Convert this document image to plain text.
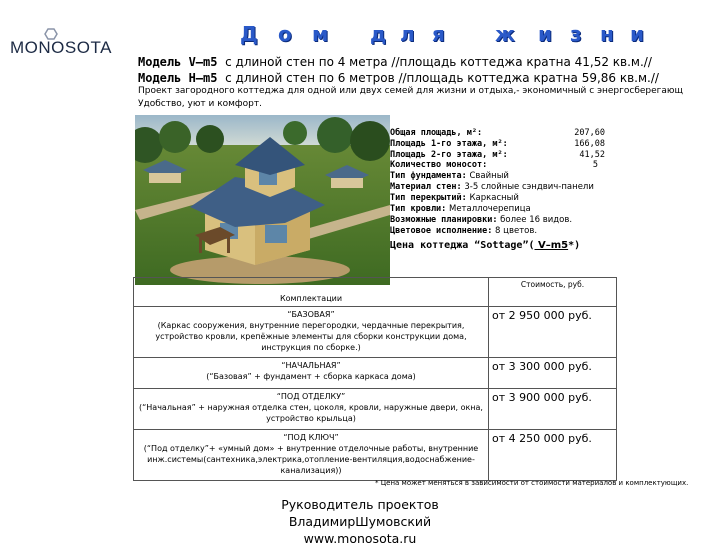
MONOSOTA
Д о м д л я ж и з н и
Модель V–m5 с длиной стен по 4 метра //площадь коттеджа кратна 41,52 кв.м.//
Модель H–m5 с длиной стен по 6 метров //площадь коттеджа кратна 59,86 кв.м.//
Проект загородного коттеджа для одной или двух семей для жизни и отдыха,- экономичный с энергосберегающ
Удобство, уют и комфорт.
Общая площадь, м²:	207,60
Площадь 1-го этажа, м²:	166,08
Площадь 2-го этажа, м²:	41,52
Количество моносот:	5
Тип фундамента: Свайный
Материал стен: 3-5 слойные сэндвич-панели
Тип перекрытий: Каркасный
Тип кровли: Металлочерепица
Возможные планировки: более 16 видов.
Цветовое исполнение: 8 цветов.
Цена коттеджа “Sottage”( V–m5*)
Комплектации	Стоимость, руб.

“БАЗОВАЯ”
(Каркас сооружения, внутренние перегородки, чердачные перекрытия, устройство кровли, крепёжные элементы для сборки конструкции дома, инструкция по сборке.)	от 2 950 000 руб.

“НАЧАЛЬНАЯ”
(“Базовая” + фундамент + сборка каркаса дома)	от 3 300 000 руб.

“ПОД ОТДЕЛКУ”
(“Начальная” + наружная отделка стен, цоколя, кровли, наружные двери, окна, устройство крыльца)	от 3 900 000 руб.

“ПОД КЛЮЧ”
(“Под отделку”+ «умный дом» + внутренние отделочные работы, внутренние инж.системы(сантехника,электрика,отопление-вентиляция,водоснабжение-канализация))	от 4 250 000 руб.
* Цена может меняться в зависимости от стоимости материалов и комплектующих.
Руководитель проектов
ВладимирШумовский
www.monosota.ru
